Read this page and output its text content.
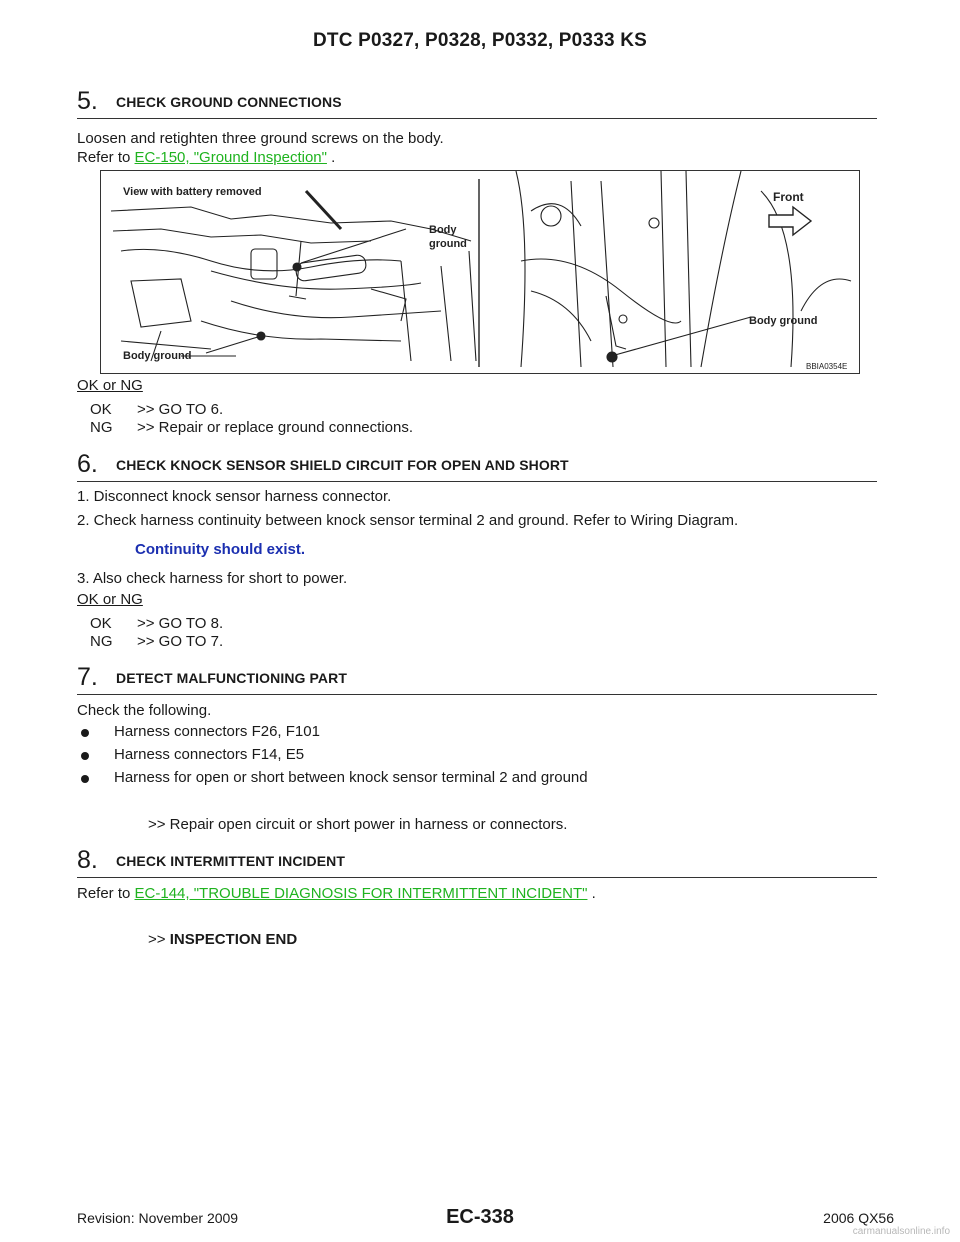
DTC P0327, P0328, P0332, P0333 KS
5. CHECK GROUND CONNECTIONS
Loosen and retighten three ground screws on the body.
Refer to EC-150, "Ground Inspection" .
View with battery removed
Body
ground
Body ground
Front
Body ground
BBIA0354E
OK or NG
OK >> GO TO 6.
NG >> Repair or replace ground connections.
6. CHECK KNOCK SENSOR SHIELD CIRCUIT FOR OPEN AND SHORT
1. Disconnect knock sensor harness connector.
2. Check harness continuity between knock sensor terminal 2 and ground. Refer to Wiring Diagram.
Continuity should exist.
3. Also check harness for short to power.
OK or NG
OK >> GO TO 8.
NG >> GO TO 7.
7. DETECT MALFUNCTIONING PART
Check the following.
Harness connectors F26, F101
Harness connectors F14, E5
Harness for open or short between knock sensor terminal 2 and ground
>> Repair open circuit or short power in harness or connectors.
8. CHECK INTERMITTENT INCIDENT
Refer to EC-144, "TROUBLE DIAGNOSIS FOR INTERMITTENT INCIDENT" .
>> INSPECTION END
Revision: November 2009	EC-338	2006 QX56
carmanualsonline.info
